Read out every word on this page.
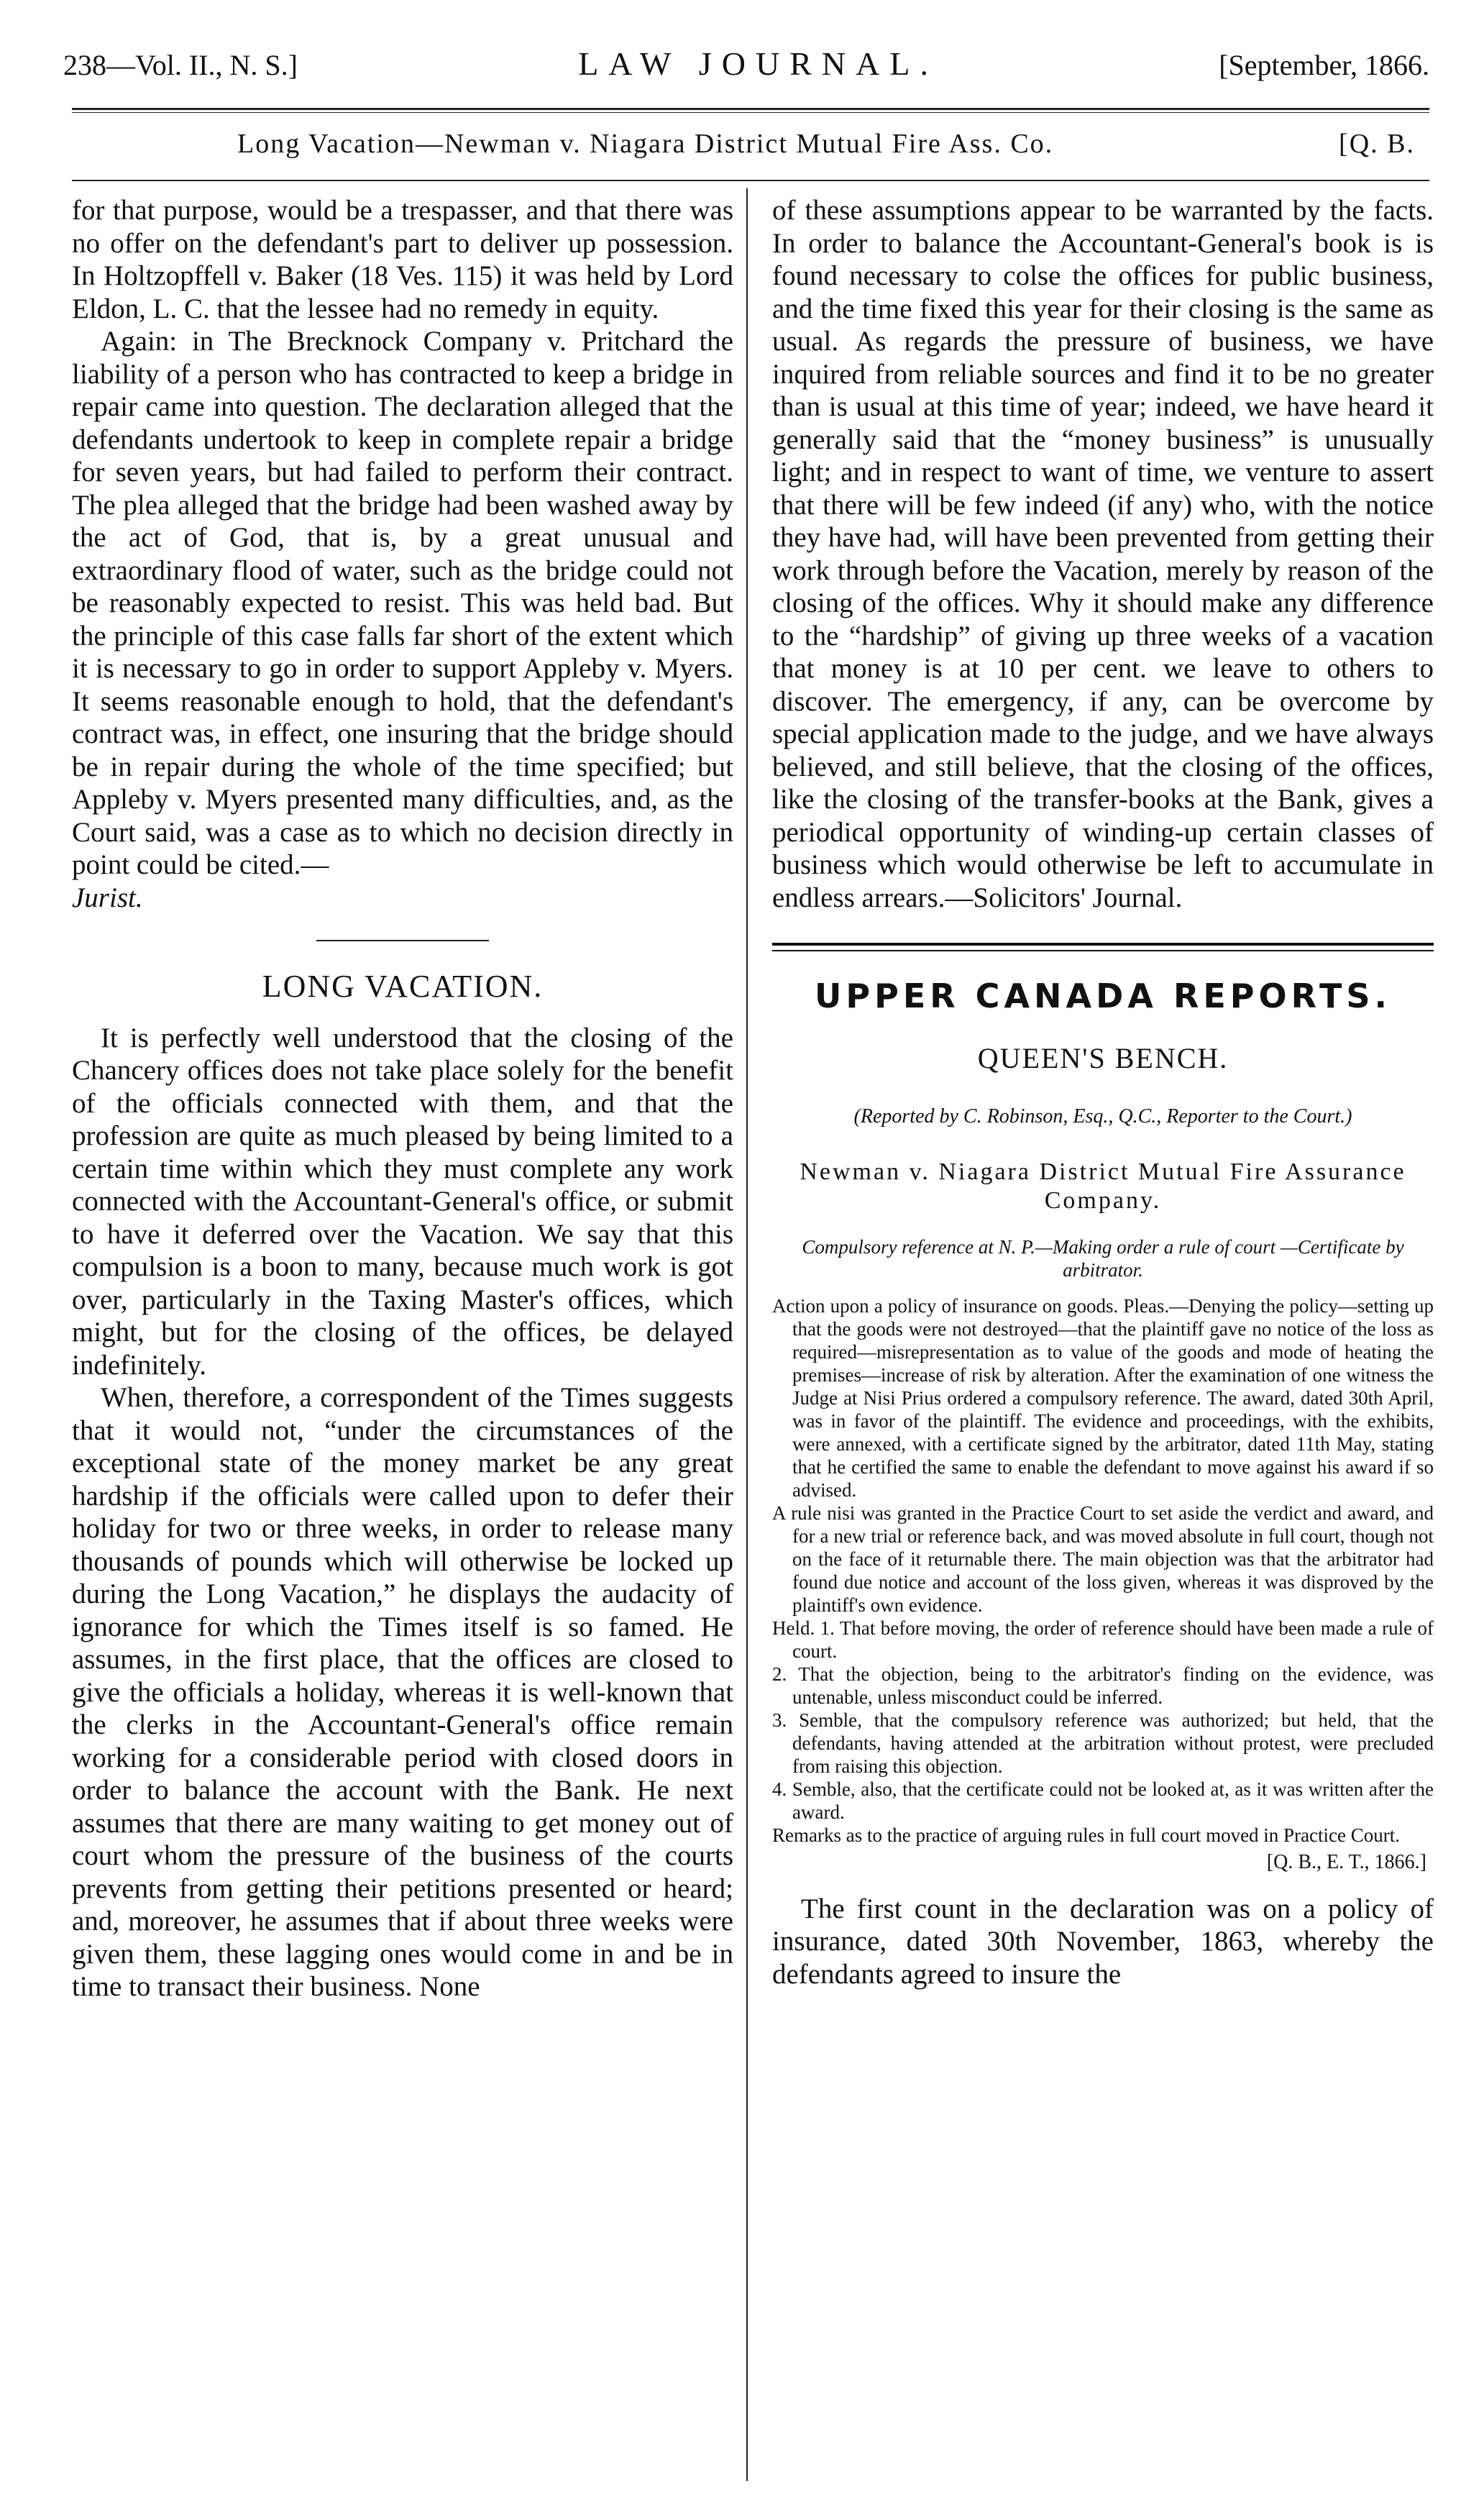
238—Vol. II., N. S.]	LAW JOURNAL.	[September, 1866.
Long Vacation—Newman v. Niagara District Mutual Fire Ass. Co.	[Q. B.

for that purpose, would be a trespasser, and that there was no offer on the defendant's part to deliver up possession. In Holtzopffell v. Baker (18 Ves. 115) it was held by Lord Eldon, L. C. that the lessee had no remedy in equity.

Again: in The Brecknock Company v. Pritchard the liability of a person who has contracted to keep a bridge in repair came into question. The declaration alleged that the defendants undertook to keep in complete repair a bridge for seven years, but had failed to perform their contract. The plea alleged that the bridge had been washed away by the act of God, that is, by a great unusual and extraordinary flood of water, such as the bridge could not be reasonably expected to resist. This was held bad. But the principle of this case falls far short of the extent which it is necessary to go in order to support Appleby v. Myers. It seems reasonable enough to hold, that the defendant's contract was, in effect, one insuring that the bridge should be in repair during the whole of the time specified; but Appleby v. Myers presented many difficulties, and, as the Court said, was a case as to which no decision directly in point could be cited.—

Jurist.

LONG VACATION.

It is perfectly well understood that the closing of the Chancery offices does not take place solely for the benefit of the officials connected with them, and that the profession are quite as much pleased by being limited to a certain time within which they must complete any work connected with the Accountant-General's office, or submit to have it deferred over the Vacation. We say that this compulsion is a boon to many, because much work is got over, particularly in the Taxing Master's offices, which might, but for the closing of the offices, be delayed indefinitely.

When, therefore, a correspondent of the Times suggests that it would not, “under the circumstances of the exceptional state of the money market be any great hardship if the officials were called upon to defer their holiday for two or three weeks, in order to release many thousands of pounds which will otherwise be locked up during the Long Vacation,” he displays the audacity of ignorance for which the Times itself is so famed. He assumes, in the first place, that the offices are closed to give the officials a holiday, whereas it is well-known that the clerks in the Accountant-General's office remain working for a considerable period with closed doors in order to balance the account with the Bank. He next assumes that there are many waiting to get money out of court whom the pressure of the business of the courts prevents from getting their petitions presented or heard; and, moreover, he assumes that if about three weeks were given them, these lagging ones would come in and be in time to transact their business. None

of these assumptions appear to be warranted by the facts. In order to balance the Accountant-General's book is is found necessary to colse the offices for public business, and the time fixed this year for their closing is the same as usual. As regards the pressure of business, we have inquired from reliable sources and find it to be no greater than is usual at this time of year; indeed, we have heard it generally said that the “money business” is unusually light; and in respect to want of time, we venture to assert that there will be few indeed (if any) who, with the notice they have had, will have been prevented from getting their work through before the Vacation, merely by reason of the closing of the offices. Why it should make any difference to the “hardship” of giving up three weeks of a vacation that money is at 10 per cent. we leave to others to discover. The emergency, if any, can be overcome by special application made to the judge, and we have always believed, and still believe, that the closing of the offices, like the closing of the transfer-books at the Bank, gives a periodical opportunity of winding-up certain classes of business which would otherwise be left to accumulate in endless arrears.—Solicitors' Journal.

UPPER CANADA REPORTS.
QUEEN'S BENCH.
(Reported by C. Robinson, Esq., Q.C., Reporter to the Court.)
Newman v. Niagara District Mutual Fire Assurance Company.
Compulsory reference at N. P.—Making order a rule of court —Certificate by arbitrator.

Action upon a policy of insurance on goods. Pleas.—Denying the policy—setting up that the goods were not destroyed—that the plaintiff gave no notice of the loss as required—misrepresentation as to value of the goods and mode of heating the premises—increase of risk by alteration. After the examination of one witness the Judge at Nisi Prius ordered a compulsory reference. The award, dated 30th April, was in favor of the plaintiff. The evidence and proceedings, with the exhibits, were annexed, with a certificate signed by the arbitrator, dated 11th May, stating that he certified the same to enable the defendant to move against his award if so advised.

A rule nisi was granted in the Practice Court to set aside the verdict and award, and for a new trial or reference back, and was moved absolute in full court, though not on the face of it returnable there. The main objection was that the arbitrator had found due notice and account of the loss given, whereas it was disproved by the plaintiff's own evidence.

Held. 1. That before moving, the order of reference should have been made a rule of court.

2. That the objection, being to the arbitrator's finding on the evidence, was untenable, unless misconduct could be inferred.

3. Semble, that the compulsory reference was authorized; but held, that the defendants, having attended at the arbitration without protest, were precluded from raising this objection.

4. Semble, also, that the certificate could not be looked at, as it was written after the award.

Remarks as to the practice of arguing rules in full court moved in Practice Court.

[Q. B., E. T., 1866.]

The first count in the declaration was on a policy of insurance, dated 30th November, 1863, whereby the defendants agreed to insure the
